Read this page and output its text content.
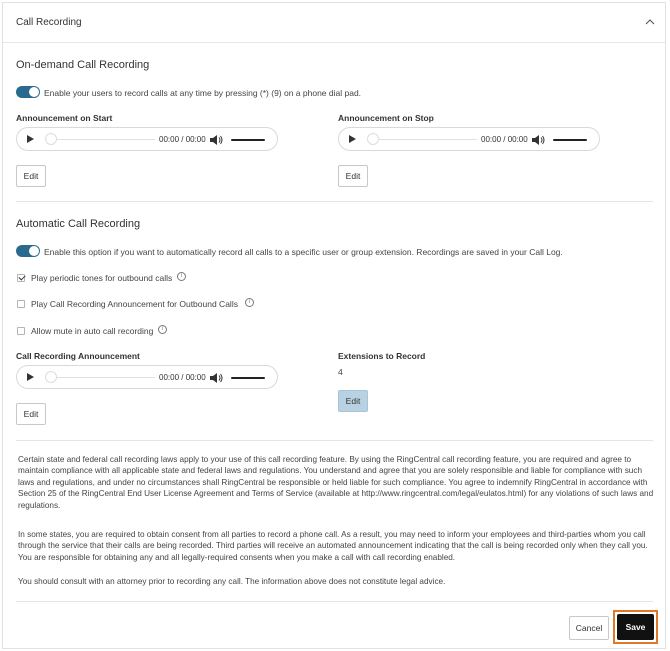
Call Recording
On-demand Call Recording
Enable your users to record calls at any time by pressing (*) (9) on a phone dial pad.
Announcement on Start
00:00 / 00:00
Edit
Announcement on Stop
00:00 / 00:00
Edit
Automatic Call Recording
Enable this option if you want to automatically record all calls to a specific user or group extension. Recordings are saved in your Call Log.
Play periodic tones for outbound calls	i
Play Call Recording Announcement for Outbound Calls	i
Allow mute in auto call recording	i
Call Recording Announcement
00:00 / 00:00
Edit
Extensions to Record
4
Edit
Certain state and federal call recording laws apply to your use of this call recording feature. By using the RingCentral call recording feature, you are required and agree to maintain compliance with all applicable state and federal laws and regulations. You understand and agree that you are solely responsible and liable for compliance with such laws and regulations, and under no circumstances shall RingCentral be responsible or held liable for such compliance. You agree to indemnify RingCentral in accordance with Section 25 of the RingCentral End User License Agreement and Terms of Service (available at http://www.ringcentral.com/legal/eulatos.html) for any violations of such laws and regulations.
In some states, you are required to obtain consent from all parties to record a phone call. As a result, you may need to inform your employees and third-parties whom you call through the service that their calls are being recorded. Third parties will receive an automated announcement indicating that the call is being recorded only when they call you. You are responsible for obtaining any and all legally-required consents when you make a call with call recording enabled.
You should consult with an attorney prior to recording any call. The information above does not constitute legal advice.
Cancel	Save
